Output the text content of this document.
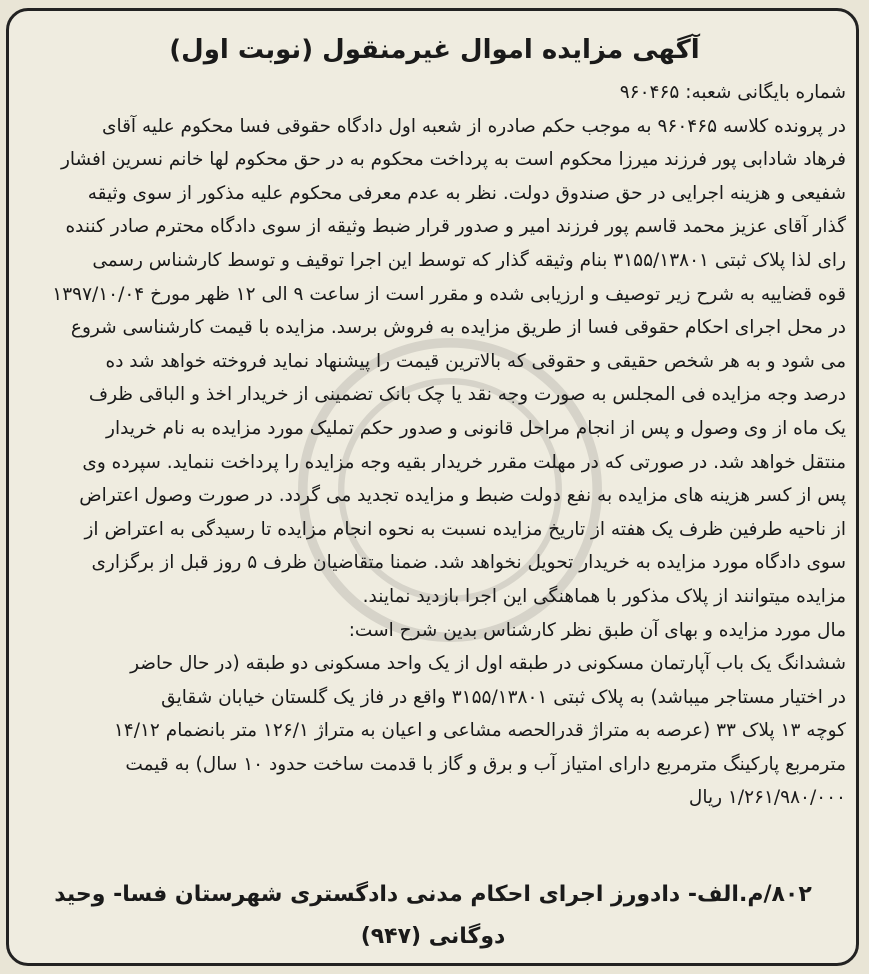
آگهی مزایده اموال غیرمنقول (نوبت اول)
شماره بایگانی شعبه: ۹۶۰۴۶۵
در پرونده کلاسه ۹۶۰۴۶۵ به موجب حکم صادره از شعبه اول دادگاه حقوقی فسا محکوم علیه آقای
فرهاد شادابی پور فرزند میرزا محکوم است به پرداخت محکوم به در حق محکوم لها خانم نسرین افشار
شفیعی و هزینه اجرایی در حق صندوق دولت. نظر به عدم معرفی محکوم علیه مذکور از سوی وثیقه
گذار آقای عزیز محمد قاسم پور فرزند امیر و صدور قرار ضبط وثیقه از سوی دادگاه محترم صادر کننده
رای لذا پلاک ثبتی ۳۱۵۵/۱۳۸۰۱ بنام وثیقه گذار که توسط این اجرا توقیف و توسط کارشناس رسمی
قوه قضاییه به شرح زیر توصیف و ارزیابی شده و مقرر است از ساعت ۹ الی ۱۲ ظهر مورخ ۱۳۹۷/۱۰/۰۴
در محل اجرای احکام حقوقی فسا از طریق مزایده به فروش برسد. مزایده با قیمت کارشناسی شروع
می شود و به هر شخص حقیقی و حقوقی که بالاترین قیمت را پیشنهاد نماید فروخته خواهد شد ده
درصد وجه مزایده فی المجلس به صورت وجه نقد یا چک بانک تضمینی از خریدار اخذ و الباقی ظرف
یک ماه از وی وصول و پس از انجام مراحل قانونی و صدور حکم تملیک مورد مزایده به نام خریدار
منتقل خواهد شد. در صورتی که در مهلت مقرر خریدار بقیه وجه مزایده را پرداخت ننماید. سپرده وی
پس از کسر هزینه های مزایده به نفع دولت ضبط و مزایده تجدید می گردد. در صورت وصول اعتراض
از ناحیه طرفین ظرف یک هفته از تاریخ مزایده نسبت به نحوه انجام مزایده تا رسیدگی به اعتراض از
سوی دادگاه مورد مزایده به خریدار تحویل نخواهد شد. ضمنا متقاضیان ظرف ۵ روز قبل از برگزاری
مزایده میتوانند از پلاک مذکور با هماهنگی این اجرا بازدید نمایند.
مال مورد مزایده و بهای آن طبق نظر کارشناس بدین شرح است:
ششدانگ یک باب آپارتمان مسکونی در طبقه اول از یک واحد مسکونی دو طبقه (در حال حاضر
در اختیار مستاجر میباشد) به پلاک ثبتی ۳۱۵۵/۱۳۸۰۱ واقع در فاز یک گلستان خیابان شقایق
کوچه ۱۳ پلاک ۳۳ (عرصه به متراژ قدرالحصه مشاعی و اعیان به متراژ ۱۲۶/۱ متر بانضمام ۱۴/۱۲
مترمربع پارکینگ مترمربع دارای امتیاز آب و برق و گاز با قدمت ساخت حدود ۱۰ سال) به قیمت
۱/۲۶۱/۹۸۰/۰۰۰ ریال
۸۰۲/م.الف- دادورز اجرای احکام مدنی دادگستری شهرستان فسا- وحید
دوگانی (۹۴۷)
